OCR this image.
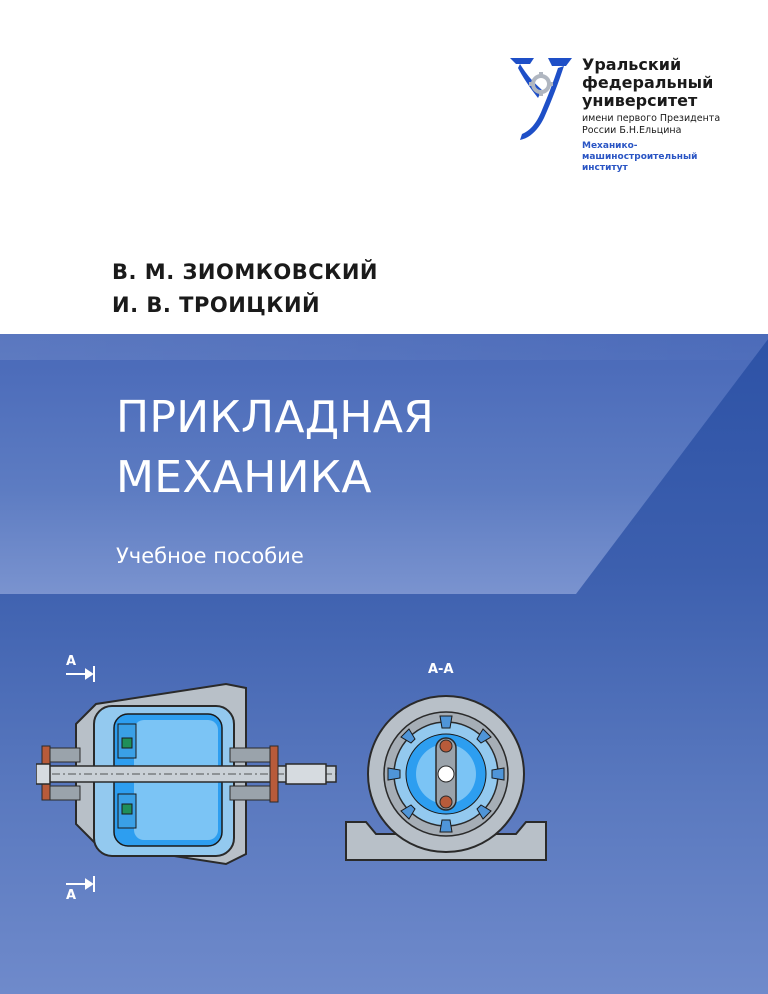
Уральский
федеральный
университет

имени первого Президента
России Б.Н.Ельцина
Механико-
машиностроительный
институт

В. М. ЗИОМКОВСКИЙ

И. В. ТРОИЦКИЙ

ПРИКЛАДНАЯ

МЕХАНИКА

Учебное пособие
A
A
A-A
